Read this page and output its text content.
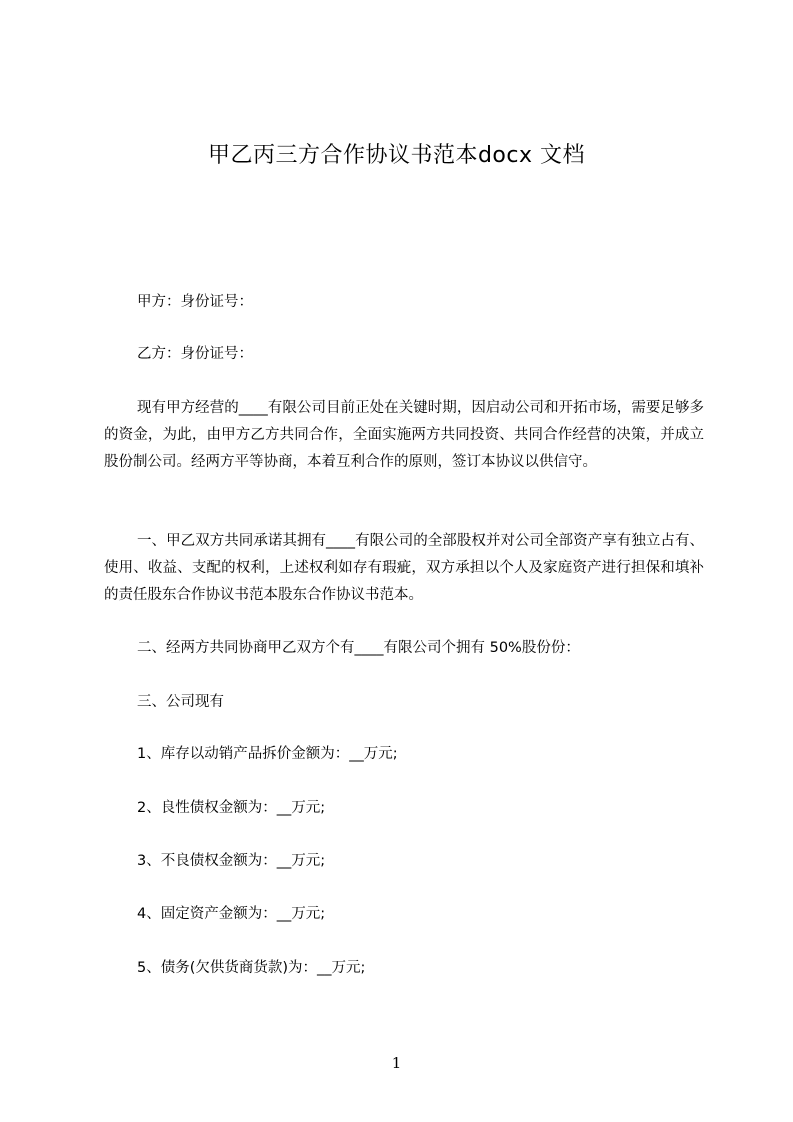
甲乙丙三方合作协议书范本docx 文档
甲方：身份证号：
乙方：身份证号：
现有甲方经营的____有限公司目前正处在关键时期，因启动公司和开拓市场，需要足够多的资金，为此，由甲方乙方共同合作，全面实施两方共同投资、共同合作经营的决策，并成立股份制公司。经两方平等协商，本着互利合作的原则，签订本协议以供信守。
一、甲乙双方共同承诺其拥有____有限公司的全部股权并对公司全部资产享有独立占有、使用、收益、支配的权利，上述权利如存有瑕疵，双方承担以个人及家庭资产进行担保和填补的责任股东合作协议书范本股东合作协议书范本。
二、经两方共同协商甲乙双方个有____有限公司个拥有 50%股份份：
三、公司现有
1、库存以动销产品拆价金额为：__万元;
2、良性债权金额为：__万元;
3、不良债权金额为：__万元;
4、固定资产金额为：__万元;
5、债务(欠供货商货款)为：__万元;
1
